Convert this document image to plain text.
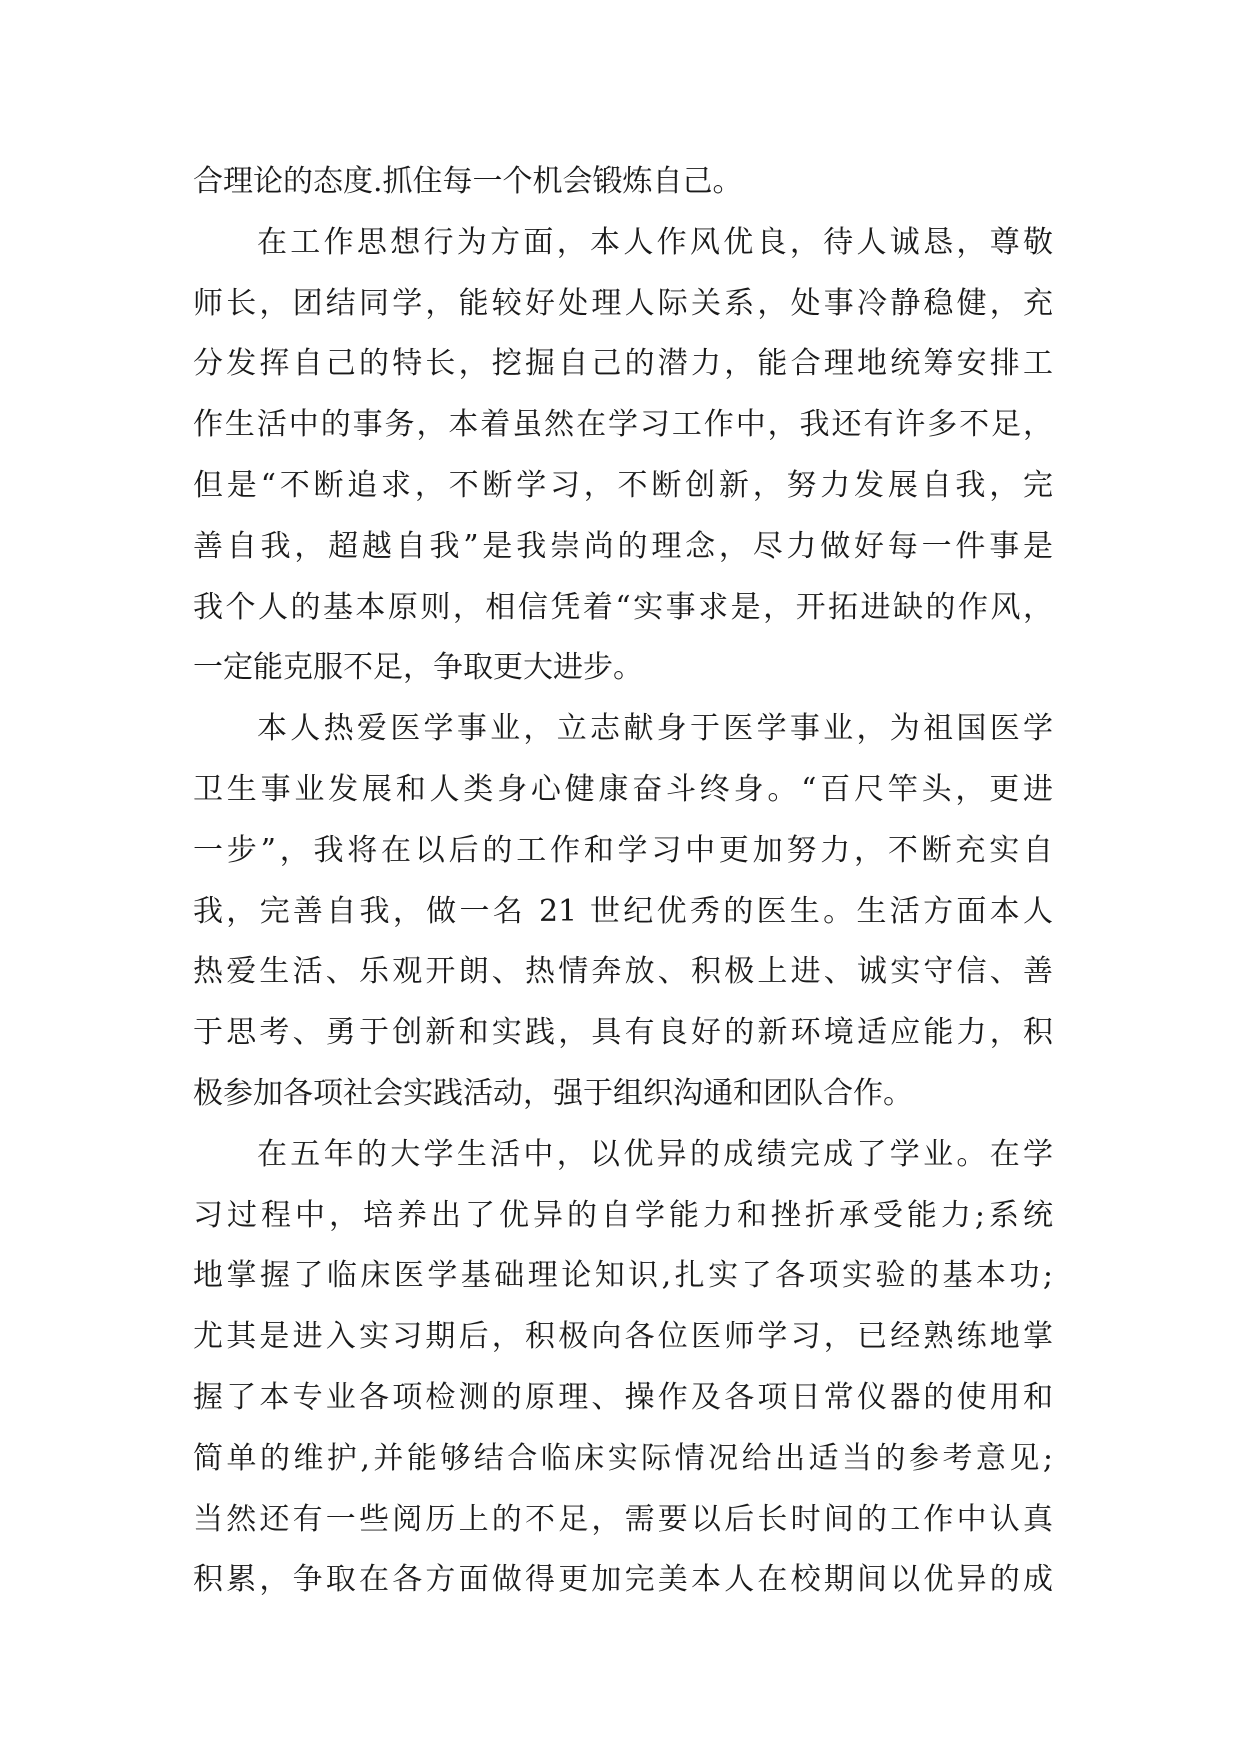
合理论的态度.抓住每一个机会锻炼自己。
在工作思想行为方面，本人作风优良，待人诚恳，尊敬
师长，团结同学，能较好处理人际关系，处事冷静稳健，充
分发挥自己的特长，挖掘自己的潜力，能合理地统筹安排工
作生活中的事务，本着虽然在学习工作中，我还有许多不足，
但是“不断追求，不断学习，不断创新，努力发展自我，完
善自我，超越自我”是我崇尚的理念，尽力做好每一件事是
我个人的基本原则，相信凭着“实事求是，开拓进缺的作风，
一定能克服不足，争取更大进步。
本人热爱医学事业，立志献身于医学事业，为祖国医学
卫生事业发展和人类身心健康奋斗终身。“百尺竿头，更进
一步”，我将在以后的工作和学习中更加努力，不断充实自
我，完善自我，做一名 21 世纪优秀的医生。生活方面本人
热爱生活、乐观开朗、热情奔放、积极上进、诚实守信、善
于思考、勇于创新和实践，具有良好的新环境适应能力，积
极参加各项社会实践活动，强于组织沟通和团队合作。
在五年的大学生活中，以优异的成绩完成了学业。在学
习过程中，培养出了优异的自学能力和挫折承受能力;系统
地掌握了临床医学基础理论知识,扎实了各项实验的基本功;
尤其是进入实习期后，积极向各位医师学习，已经熟练地掌
握了本专业各项检测的原理、操作及各项日常仪器的使用和
简单的维护,并能够结合临床实际情况给出适当的参考意见;
当然还有一些阅历上的不足，需要以后长时间的工作中认真
积累，争取在各方面做得更加完美本人在校期间以优异的成
